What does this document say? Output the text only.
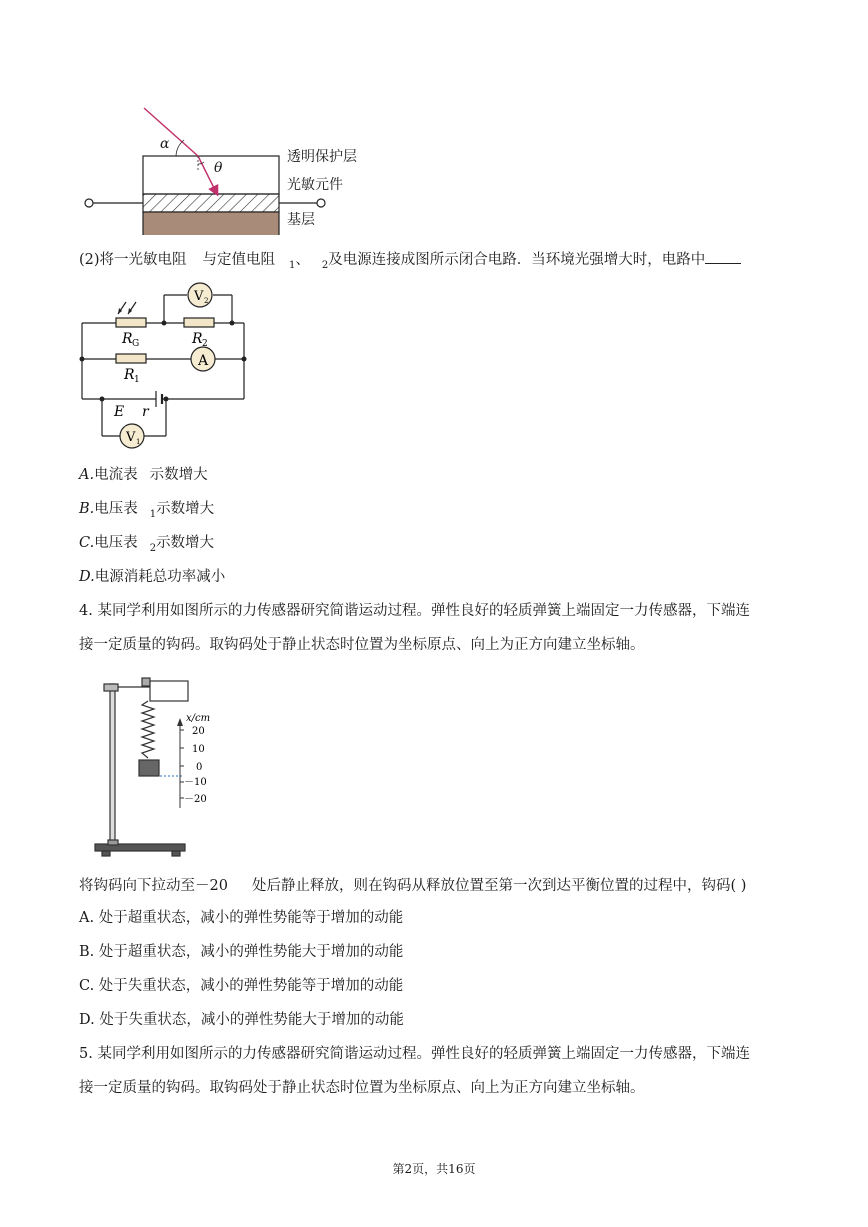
α
θ
透明保护层
光敏元件
基层
(2)将一光敏电阻 与定值电阻 $_1$、 $_2$及电源连接成图所示闭合电路．当环境光强增大时，电路中
V 2
A
V 1
R G	R 2
R 1
E r
A.电流表 示数增大
B.电压表 $_1$示数增大
C.电压表 $_2$示数增大
D.电源消耗总功率减小
4. 某同学利用如图所示的力传感器研究简谐运动过程。弹性良好的轻质弹簧上端固定一力传感器，下端连
接一定质量的钩码。取钩码处于静止状态时位置为坐标原点、向上为正方向建立坐标轴。
x/cm
20
10
0
－10
－20
将钩码向下拉动至－20 处后静止释放，则在钩码从释放位置至第一次到达平衡位置的过程中，钩码( )
A. 处于超重状态，减小的弹性势能等于增加的动能
B. 处于超重状态，减小的弹性势能大于增加的动能
C. 处于失重状态，减小的弹性势能等于增加的动能
D. 处于失重状态，减小的弹性势能大于增加的动能
5. 某同学利用如图所示的力传感器研究简谐运动过程。弹性良好的轻质弹簧上端固定一力传感器，下端连
接一定质量的钩码。取钩码处于静止状态时位置为坐标原点、向上为正方向建立坐标轴。
第2页，共16页
